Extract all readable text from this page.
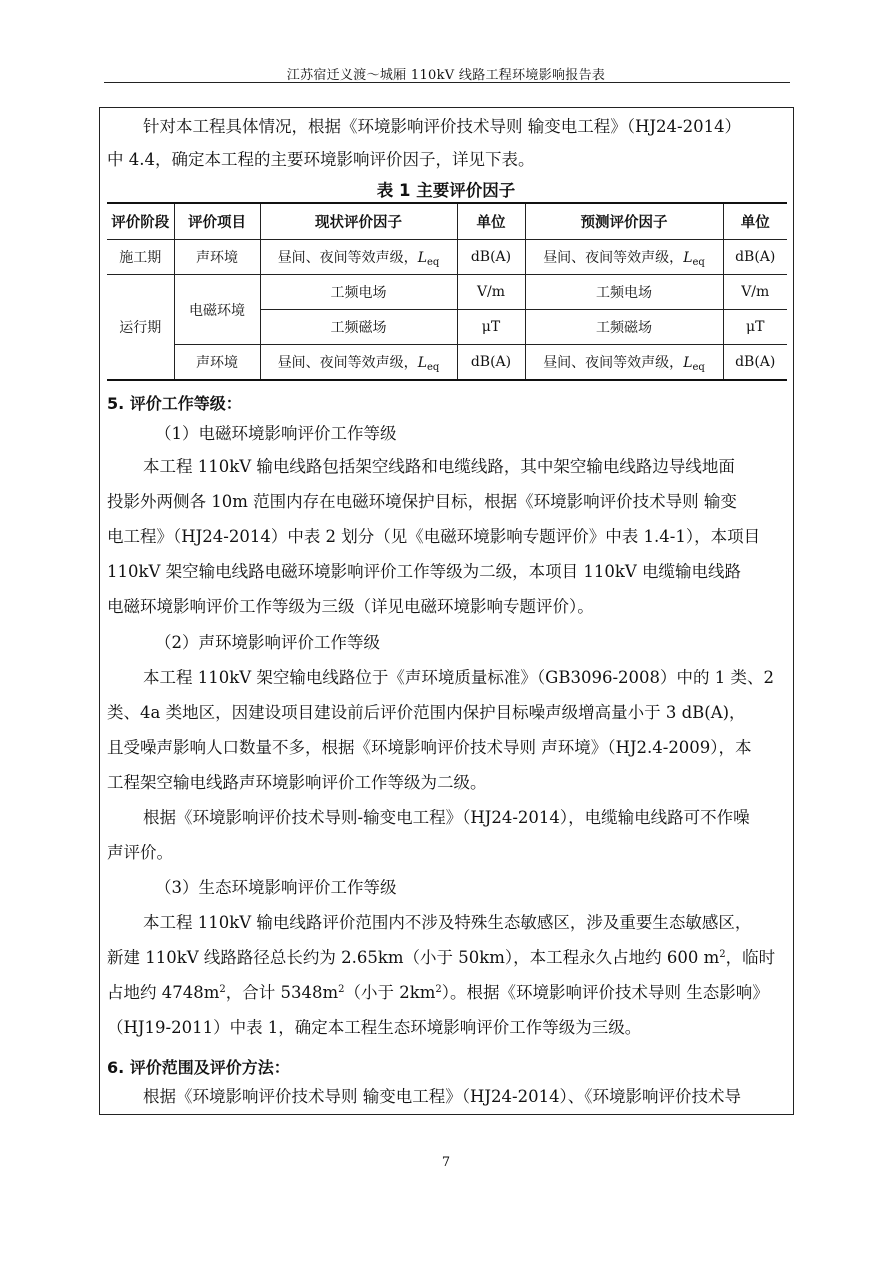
江苏宿迁义渡～城厢 110kV 线路工程环境影响报告表
针对本工程具体情况，根据《环境影响评价技术导则 输变电工程》（HJ24-2014）
中 4.4，确定本工程的主要环境影响评价因子，详见下表。
表 1 主要评价因子
评价阶段	评价项目	现状评价因子	单位	预测评价因子	单位
施工期	声环境	昼间、夜间等效声级，$L_{eq}$	dB(A)	昼间、夜间等效声级，$L_{eq}$	dB(A)
运行期	电磁环境	工频电场	V/m	工频电场	V/m
		工频磁场	μT	工频磁场	μT
	声环境	昼间、夜间等效声级，$L_{eq}$	dB(A)	昼间、夜间等效声级，$L_{eq}$	dB(A)
5. 评价工作等级：
（1）电磁环境影响评价工作等级
本工程 110kV 输电线路包括架空线路和电缆线路，其中架空输电线路边导线地面
投影外两侧各 10m 范围内存在电磁环境保护目标，根据《环境影响评价技术导则 输变
电工程》（HJ24-2014）中表 2 划分（见《电磁环境影响专题评价》中表 1.4-1），本项目
110kV 架空输电线路电磁环境影响评价工作等级为二级，本项目 110kV 电缆输电线路
电磁环境影响评价工作等级为三级（详见电磁环境影响专题评价）。
（2）声环境影响评价工作等级
本工程 110kV 架空输电线路位于《声环境质量标准》（GB3096-2008）中的 1 类、2
类、4a 类地区，因建设项目建设前后评价范围内保护目标噪声级增高量小于 3 dB(A)，
且受噪声影响人口数量不多，根据《环境影响评价技术导则 声环境》（HJ2.4-2009），本
工程架空输电线路声环境影响评价工作等级为二级。
根据《环境影响评价技术导则-输变电工程》（HJ24-2014），电缆输电线路可不作噪
声评价。
（3）生态环境影响评价工作等级
本工程 110kV 输电线路评价范围内不涉及特殊生态敏感区，涉及重要生态敏感区，
新建 110kV 线路路径总长约为 2.65km（小于 50km），本工程永久占地约 600 $m^2$，临时
占地约 $4748m^2$，合计 $5348m^2$（小于 $2km^2$）。根据《环境影响评价技术导则 生态影响》
（HJ19-2011）中表 1，确定本工程生态环境影响评价工作等级为三级。
6. 评价范围及评价方法：
根据《环境影响评价技术导则 输变电工程》（HJ24-2014）、《环境影响评价技术导
7
